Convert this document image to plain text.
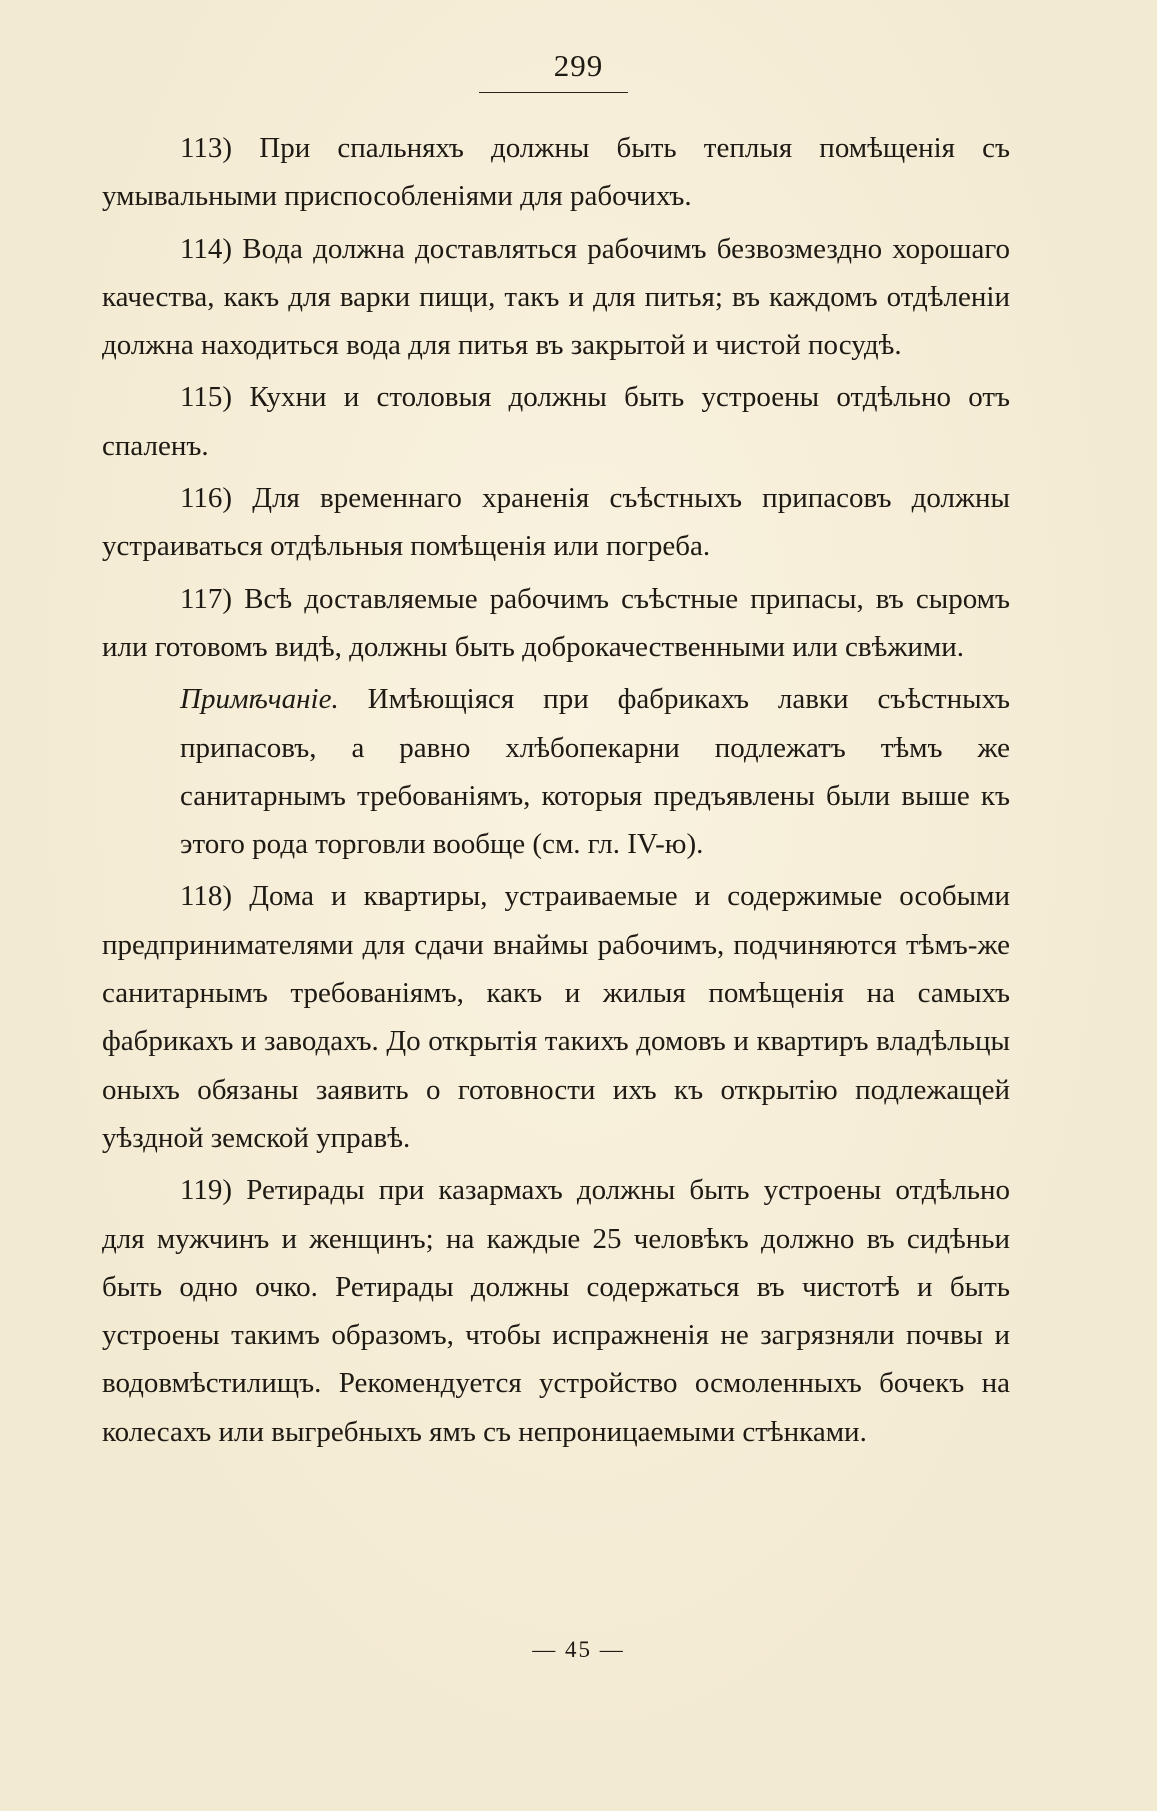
299

113) При спальняхъ должны быть теплыя помѣщенія съ умывальными приспособленіями для рабочихъ.

114) Вода должна доставляться рабочимъ безвозмездно хорошаго качества, какъ для варки пищи, такъ и для питья; въ каждомъ отдѣленіи должна находиться вода для питья въ закрытой и чистой посудѣ.

115) Кухни и столовыя должны быть устроены отдѣльно отъ спаленъ.

116) Для временнаго храненія съѣстныхъ припасовъ должны устраиваться отдѣльныя помѣщенія или погреба.

117) Всѣ доставляемые рабочимъ съѣстные припасы, въ сыромъ или готовомъ видѣ, должны быть доброкачественными или свѣжими.

Примѣчаніе. Имѣющіяся при фабрикахъ лавки съѣстныхъ припасовъ, а равно хлѣбопекарни подлежатъ тѣмъ же санитарнымъ требованіямъ, которыя предъявлены были выше къ этого рода торговли вообще (см. гл. IV-ю).

118) Дома и квартиры, устраиваемые и содержимые особыми предпринимателями для сдачи внаймы рабочимъ, подчиняются тѣмъ-же санитарнымъ требованіямъ, какъ и жилыя помѣщенія на самыхъ фабрикахъ и заводахъ. До открытія такихъ домовъ и квартиръ владѣльцы оныхъ обязаны заявить о готовности ихъ къ открытію подлежащей уѣздной земской управѣ.

119) Ретирады при казармахъ должны быть устроены отдѣльно для мужчинъ и женщинъ; на каждые 25 человѣкъ должно въ сидѣньи быть одно очко. Ретирады должны содержаться въ чистотѣ и быть устроены такимъ образомъ, чтобы испражненія не загрязняли почвы и водовмѣстилищъ. Рекомендуется устройство осмоленныхъ бочекъ на колесахъ или выгребныхъ ямъ съ непроницаемыми стѣнками.

— 45 —
